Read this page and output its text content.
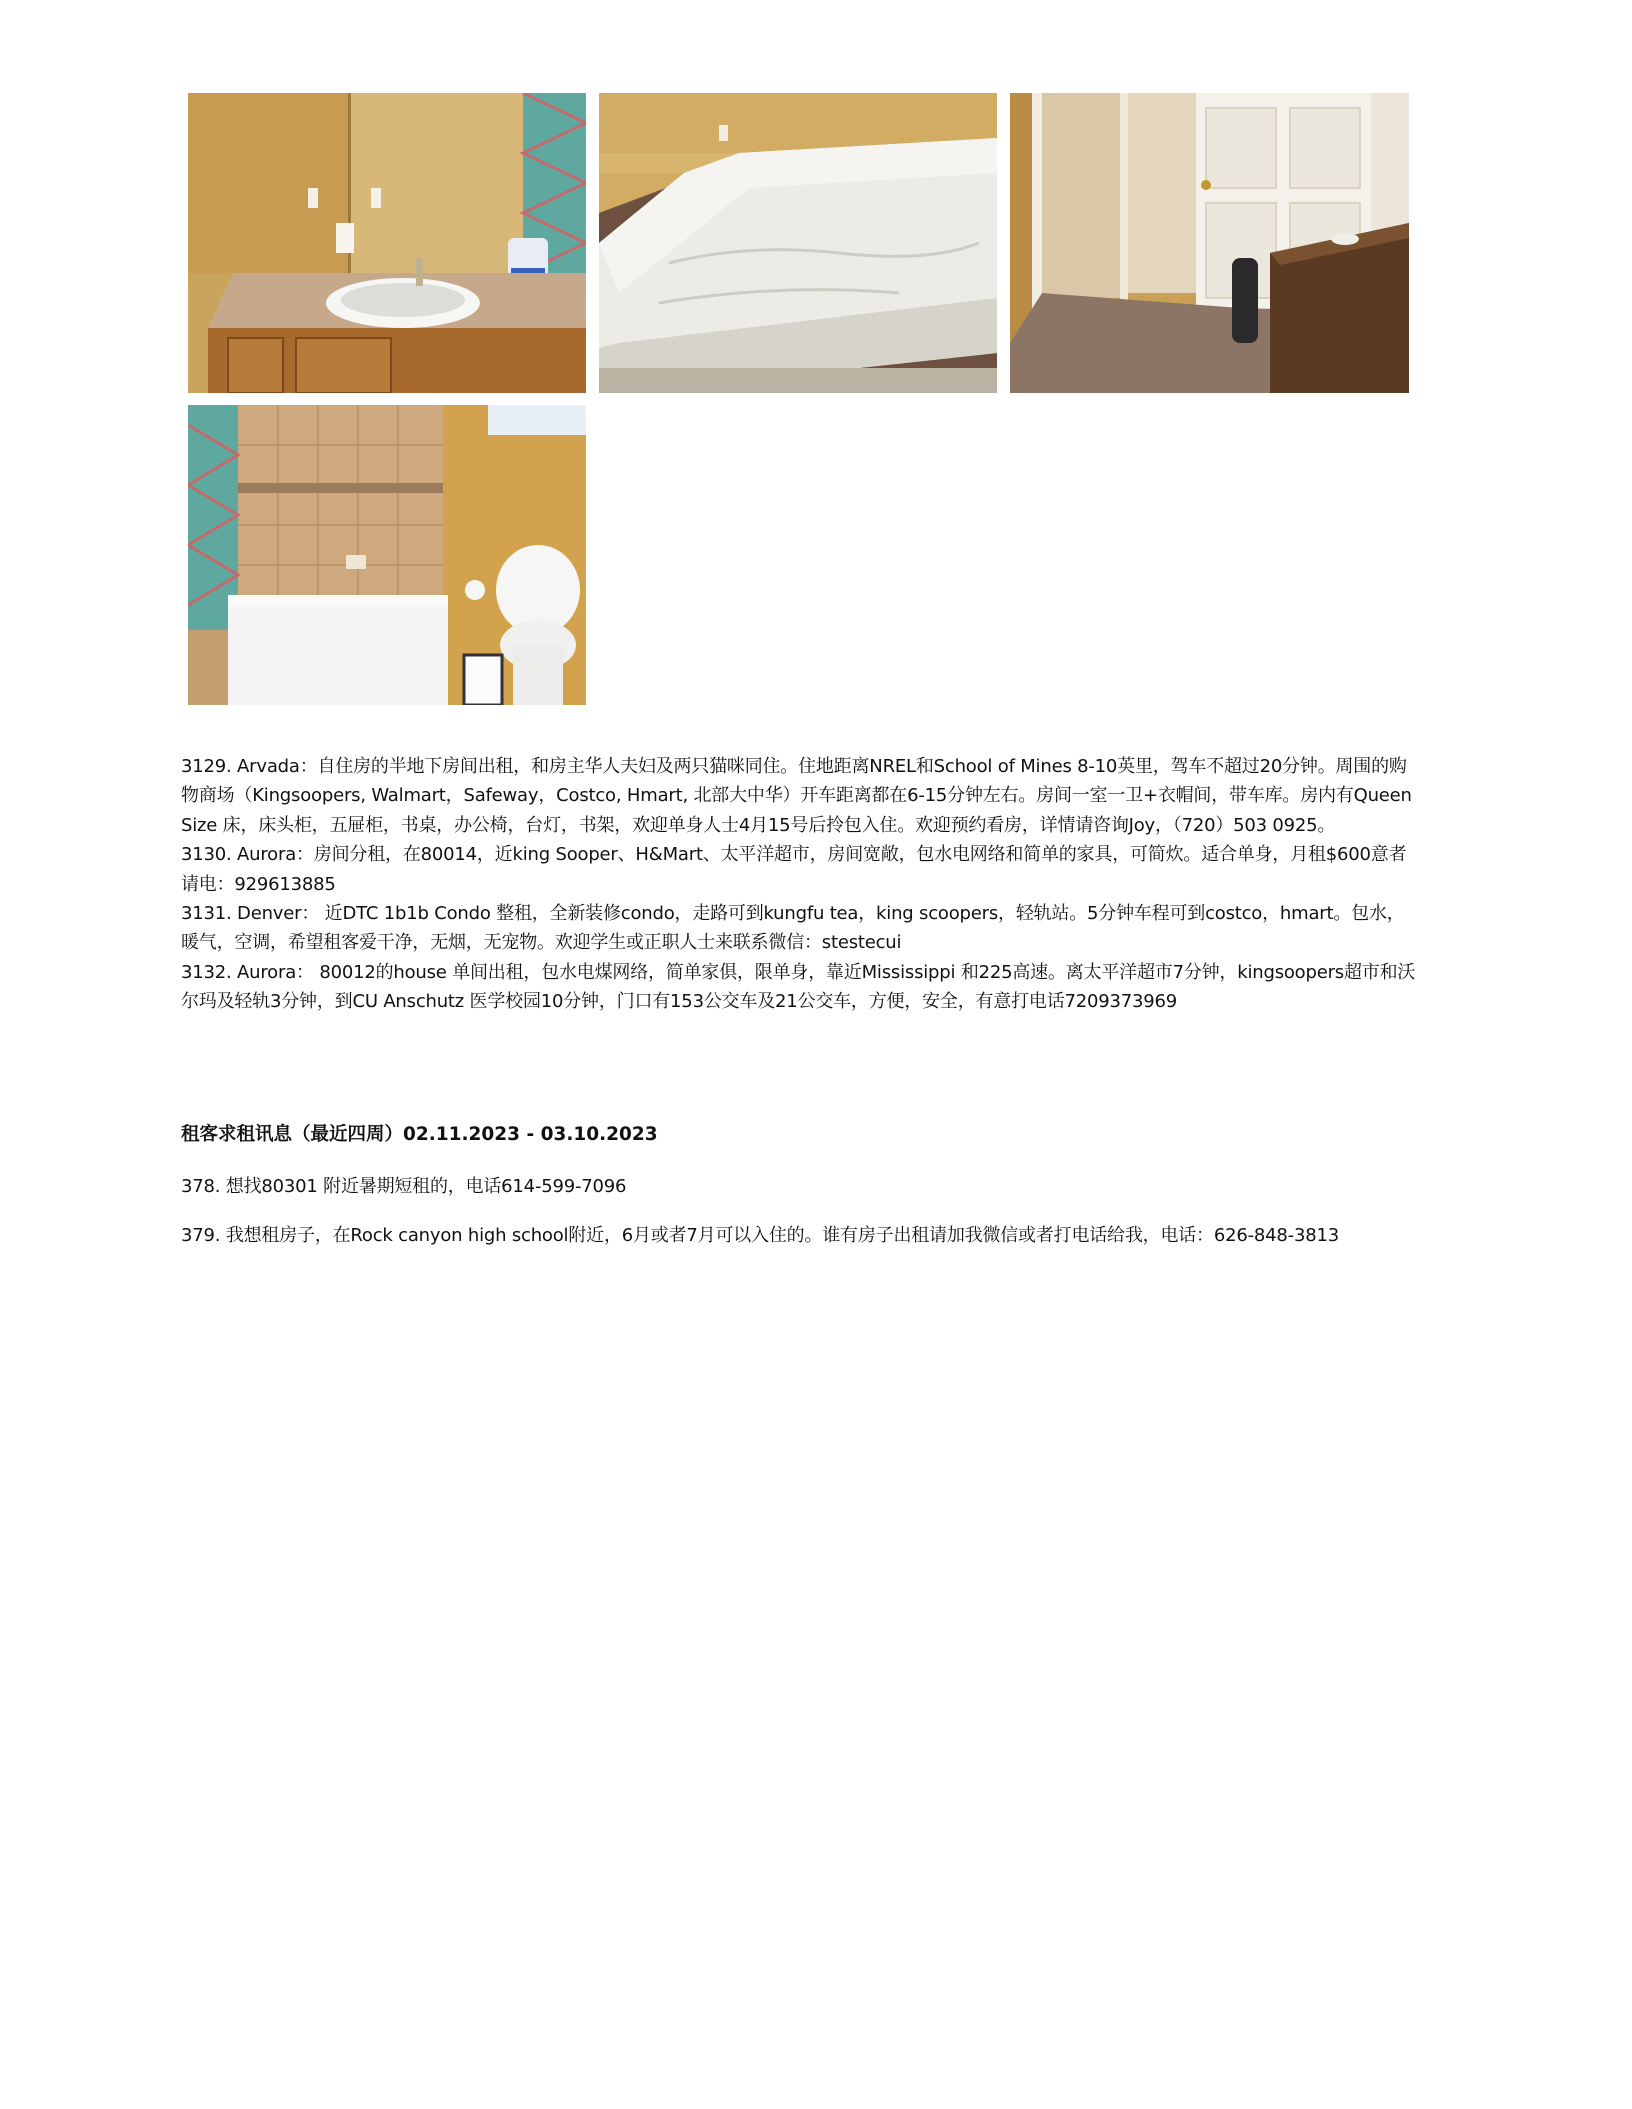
3129. Arvada：自住房的半地下房间出租，和房主华人夫妇及两只猫咪同住。住地距离NREL和School of Mines 8-10英里，驾车不超过20分钟。周围的购物商场（Kingsoopers, Walmart，Safeway，Costco, Hmart, 北部大中华）开车距离都在6-15分钟左右。房间一室一卫+衣帽间，带车库。房内有Queen Size 床，床头柜，五屉柜，书桌，办公椅，台灯，书架，欢迎单身人士4月15号后拎包入住。欢迎预约看房，详情请咨询Joy，（720）503 0925。

3130. Aurora：房间分租，在80014，近king Sooper、H&Mart、太平洋超市，房间宽敞，包水电网络和简单的家具，可简炊。适合单身，月租$600意者请电：929613885

3131. Denver： 近DTC 1b1b Condo 整租，全新装修condo，走路可到kungfu tea，king scoopers，轻轨站。5分钟车程可到costco，hmart。包水，暖气，空调，希望租客爱干净，无烟，无宠物。欢迎学生或正职人士来联系微信：stestecui

3132. Aurora： 80012的house 单间出租，包水电煤网络，简单家俱，限单身，靠近Mississippi 和225高速。离太平洋超市7分钟，kingsoopers超市和沃尔玛及轻轨3分钟，到CU Anschutz 医学校园10分钟，门口有153公交车及21公交车，方便，安全，有意打电话7209373969

租客求租讯息（最近四周）02.11.2023 - 03.10.2023

378. 想找80301 附近暑期短租的，电话614-599-7096

379. 我想租房子，在Rock canyon high school附近，6月或者7月可以入住的。谁有房子出租请加我微信或者打电话给我，电话：626-848-3813
